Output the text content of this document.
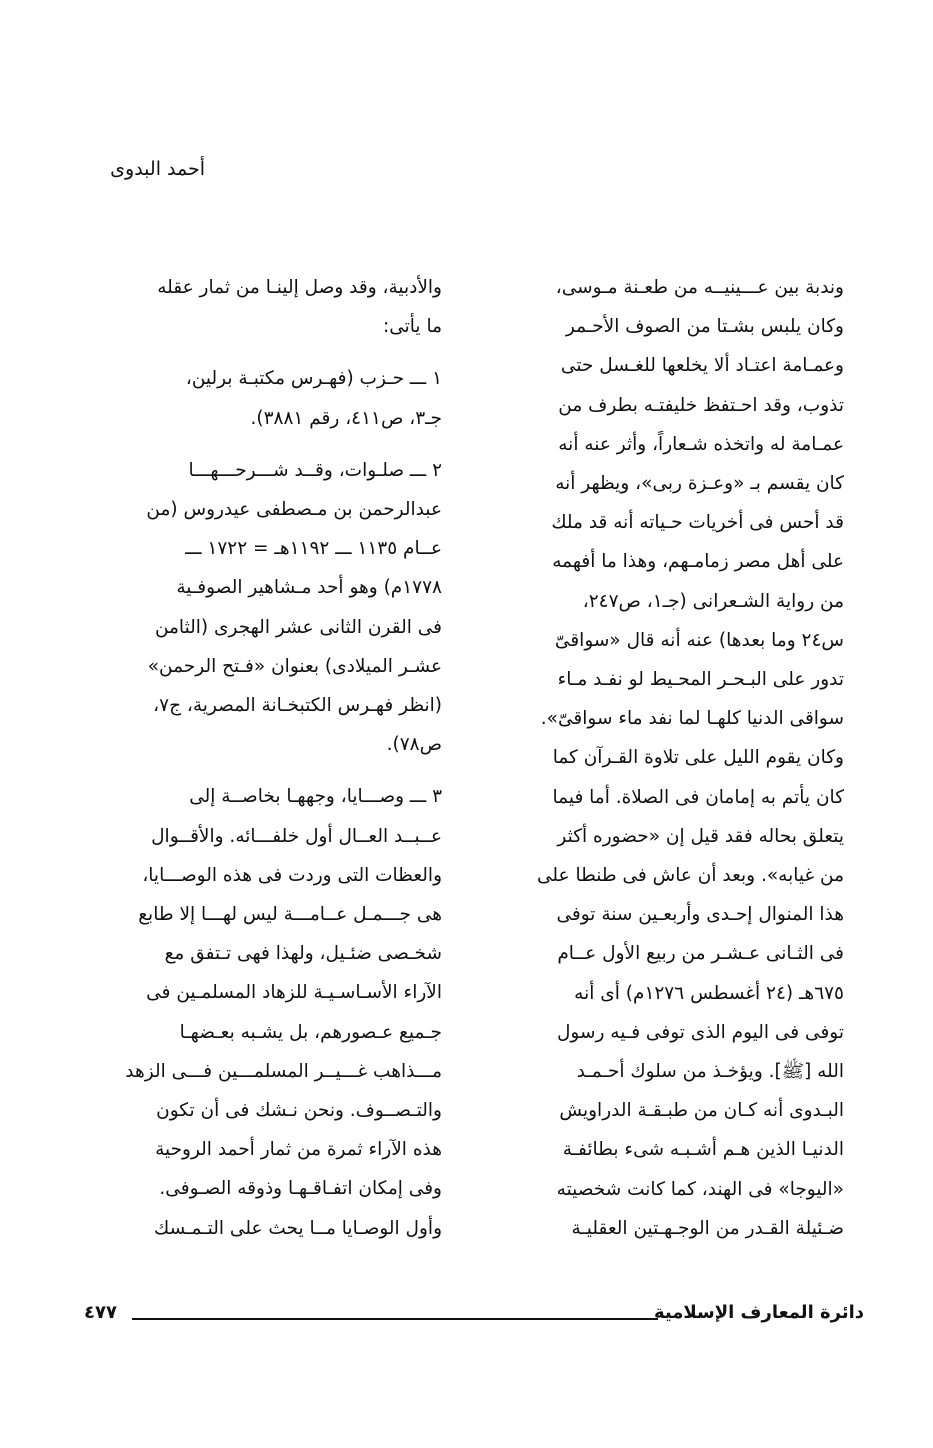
أحمد البدوى
وندبة بين عـــينيــه من طعـنة مـوسى،
وكان يلبس بشـتا من الصوف الأحـمر
وعمـامة اعتـاد ألا يخلعها للغـسل حتى
تذوب، وقد احـتفظ خليفتـه بطرف من
عمـامة له واتخذه شـعاراً، وأثر عنه أنه
كان يقسم بـ «وعـزة ربى»، ويظهر أنه
قد أحس فى أخريات حـياته أنه قد ملك
على أهل مصر زمامـهم، وهذا ما أفهمه
من رواية الشـعرانى (جـ١، ص٢٤٧،
س٢٤ وما بعدها) عنه أنه قال «سواقىّ
تدور على البـحـر المحـيط لو نفـد مـاء
سواقى الدنيا كلهـا لما نفد ماء سواقىّ».
وكان يقوم الليل على تلاوة القـرآن كما
كان يأتم به إمامان فى الصلاة. أما فيما
يتعلق بحاله فقد قيل إن «حضوره أكثر
من غيابه». وبعد أن عاش فى طنطا على
هذا المنوال إحـدى وأربعـين سنة توفى
فى الثـانى عـشـر من ربيع الأول عــام
٦٧٥هـ (٢٤ أغسطس ١٢٧٦م) أى أنه
توفى فى اليوم الذى توفى فـيه رسول
الله [ﷺ]. ويؤخـذ من سلوك أحـمـد
البـدوى أنه كـان من طبـقـة الدراويش
الدنيـا الذين هـم أشـبـه شىء بطائفـة
«اليوجا» فى الهند، كما كانت شخصيته
ضـئيلة القـدر من الوجـهـتين العقليـة
والأدبية، وقد وصل إلينـا من ثمار عقله
ما يأتى:
١ ـــ حـزب (فهـرس مكتبـة برلين،
جـ٣، ص٤١١، رقم ٣٨٨١).
٢ ـــ صلـوات، وقــد شـــرحـــهـــا
عبدالرحمن بن مـصطفى عيدروس (من
عــام ١١٣٥ ـــ ١١٩٢هـ = ١٧٢٢ ـــ
١٧٧٨م) وهو أحد مـشاهير الصوفـية
فى القرن الثانى عشر الهجرى (الثامن
عشـر الميلادى) بعنوان «فـتح الرحمن»
(انظر فهـرس الكتبخـانة المصرية، ج٧،
ص٧٨).
٣ ـــ وصـــايا، وجههـا بخاصــة إلى
عــبــد العــال أول خلفـــائه. والأقــوال
والعظات التى وردت فى هذه الوصـــايا،
هى جـــمـل عــامـــة ليس لهـــا إلا طابع
شخـصى ضئـيل، ولهذا فهى تـتفق مع
الآراء الأسـاسـيـة للزهاد المسلمـين فى
جـميع عـصورهم، بل يشـبه بعـضهـا
مـــذاهب غـــيــر المسلمـــين فـــى الزهد
والتـصــوف. ونحن نـشك فى أن تكون
هذه الآراء ثمرة من ثمار أحمد الروحية
وفى إمكان اتفـاقـهـا وذوقه الصـوفى.
وأول الوصـايا مــا يحث على التـمـسك
دائرة المعارف الإسلامية
٤٧٧
